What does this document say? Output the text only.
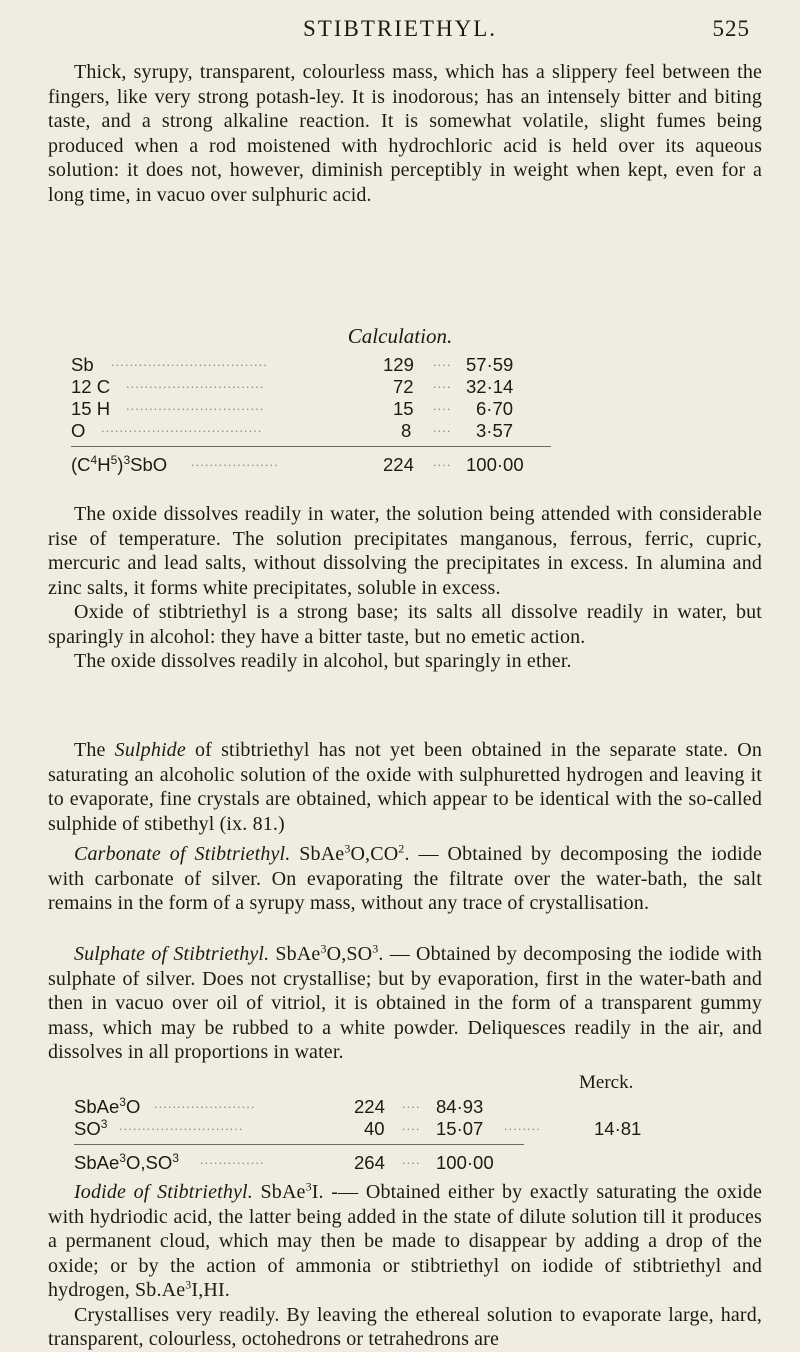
STIBTRIETHYL.	525

Thick, syrupy, transparent, colourless mass, which has a slippery feel between the fingers, like very strong potash-ley. It is inodorous; has an intensely bitter and biting taste, and a strong alkaline reaction. It is somewhat volatile, slight fumes being produced when a rod moistened with hydrochloric acid is held over its aqueous solution: it does not, however, diminish perceptibly in weight when kept, even for a long time, in vacuo over sulphuric acid.

Calculation.
Sb ..................................	129 .... 57·59
12 C ..............................	72 .... 32·14
15 H ..............................	15 .... 6·70
O ...................................	8 .... 3·57
$(C^4H^5)^3SbO$ ...................	224 .... 100·00

The oxide dissolves readily in water, the solution being attended with considerable rise of temperature. The solution precipitates manganous, ferrous, ferric, cupric, mercuric and lead salts, without dissolving the precipitates in excess. In alumina and zinc salts, it forms white precipitates, soluble in excess.

Oxide of stibtriethyl is a strong base; its salts all dissolve readily in water, but sparingly in alcohol: they have a bitter taste, but no emetic action.

The oxide dissolves readily in alcohol, but sparingly in ether.

The Sulphide of stibtriethyl has not yet been obtained in the separate state. On saturating an alcoholic solution of the oxide with sulphuretted hydrogen and leaving it to evaporate, fine crystals are obtained, which appear to be identical with the so-called sulphide of stibethyl (ix. 81.)

Carbonate of Stibtriethyl. $SbAe^3O,CO^2$. — Obtained by decomposing the iodide with carbonate of silver. On evaporating the filtrate over the water-bath, the salt remains in the form of a syrupy mass, without any trace of crystallisation.

Sulphate of Stibtriethyl. $SbAe^3O,SO^3$. — Obtained by decomposing the iodide with sulphate of silver. Does not crystallise; but by evaporation, first in the water-bath and then in vacuo over oil of vitriol, it is obtained in the form of a transparent gummy mass, which may be rubbed to a white powder. Deliquesces readily in the air, and dissolves in all proportions in water.

Merck.
SbAe$^3$O ......................	224 .... 84·93
$SO^3$ ...........................	40 .... 15·07 ........	14·81
$SbAe^3O,SO^3$ ..............	264 .... 100·00

Iodide of Stibtriethyl. SbAe$^3$I. -— Obtained either by exactly saturating the oxide with hydriodic acid, the latter being added in the state of dilute solution till it produces a permanent cloud, which may then be made to disappear by adding a drop of the oxide; or by the action of ammonia or stibtriethyl on iodide of stibtriethyl and hydrogen, Sb.Ae$^3$I,HI.

Crystallises very readily. By leaving the ethereal solution to evaporate large, hard, transparent, colourless, octohedrons or tetrahedrons are
